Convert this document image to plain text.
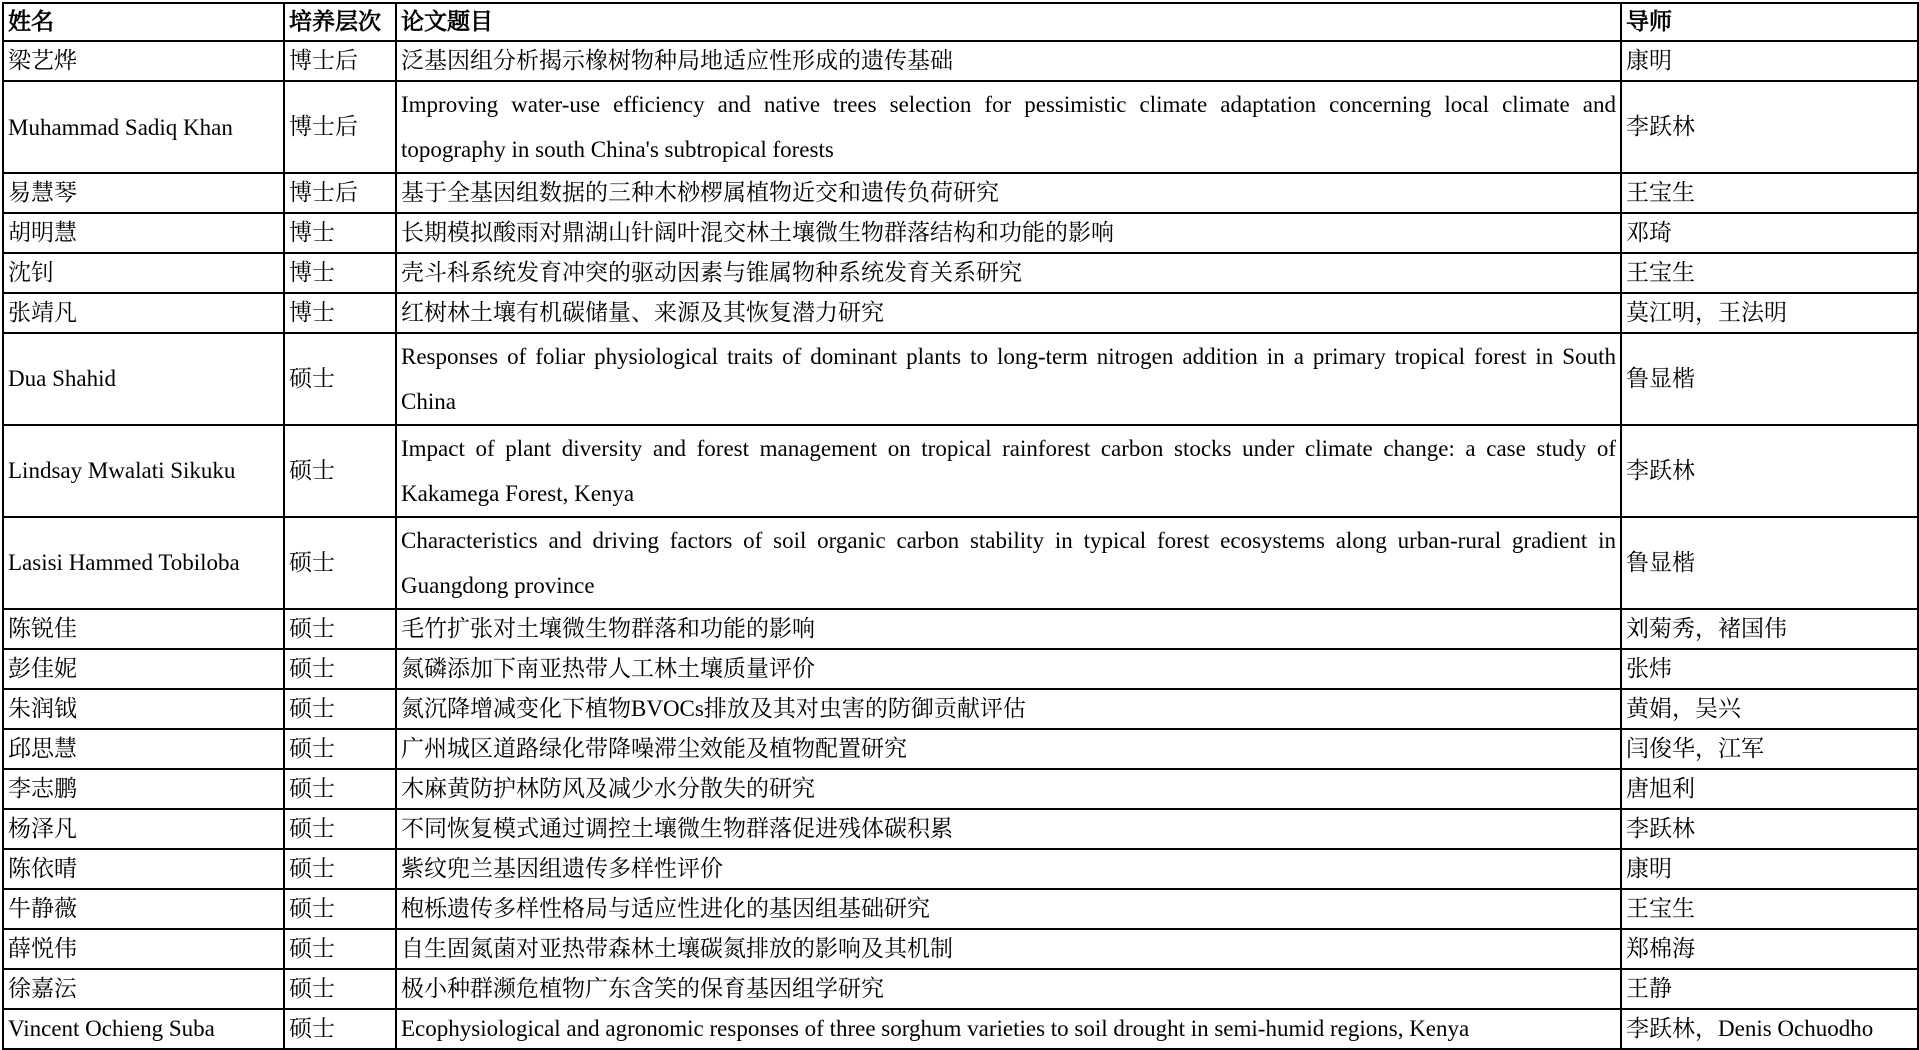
姓名	培养层次	论文题目	导师
梁艺烨	博士后	泛基因组分析揭示橡树物种局地适应性形成的遗传基础	康明
Muhammad Sadiq Khan	博士后	Improving water-use efficiency and native trees selection for pessimistic climate adaptation concerning local climate and topography in south China's subtropical forests	李跃林
易慧琴	博士后	基于全基因组数据的三种木桫椤属植物近交和遗传负荷研究	王宝生
胡明慧	博士	长期模拟酸雨对鼎湖山针阔叶混交林土壤微生物群落结构和功能的影响	邓琦
沈钊	博士	壳斗科系统发育冲突的驱动因素与锥属物种系统发育关系研究	王宝生
张靖凡	博士	红树林土壤有机碳储量、来源及其恢复潜力研究	莫江明，王法明
Dua Shahid	硕士	Responses of foliar physiological traits of dominant plants to long-term nitrogen addition in a primary tropical forest in South China	鲁显楷
Lindsay Mwalati Sikuku	硕士	Impact of plant diversity and forest management on tropical rainforest carbon stocks under climate change: a case study of Kakamega Forest, Kenya	李跃林
Lasisi Hammed Tobiloba	硕士	Characteristics and driving factors of soil organic carbon stability in typical forest ecosystems along urban-rural gradient in Guangdong province	鲁显楷
陈锐佳	硕士	毛竹扩张对土壤微生物群落和功能的影响	刘菊秀，褚国伟
彭佳妮	硕士	氮磷添加下南亚热带人工林土壤质量评价	张炜
朱润钺	硕士	氮沉降增减变化下植物BVOCs排放及其对虫害的防御贡献评估	黄娟，吴兴
邱思慧	硕士	广州城区道路绿化带降噪滞尘效能及植物配置研究	闫俊华，江军
李志鹏	硕士	木麻黄防护林防风及减少水分散失的研究	唐旭利
杨泽凡	硕士	不同恢复模式通过调控土壤微生物群落促进残体碳积累	李跃林
陈依晴	硕士	紫纹兜兰基因组遗传多样性评价	康明
牛静薇	硕士	枹栎遗传多样性格局与适应性进化的基因组基础研究	王宝生
薛悦伟	硕士	自生固氮菌对亚热带森林土壤碳氮排放的影响及其机制	郑棉海
徐嘉沄	硕士	极小种群濒危植物广东含笑的保育基因组学研究	王静
Vincent Ochieng Suba	硕士	Ecophysiological and agronomic responses of three sorghum varieties to soil drought in semi-humid regions, Kenya	李跃林，Denis Ochuodho
